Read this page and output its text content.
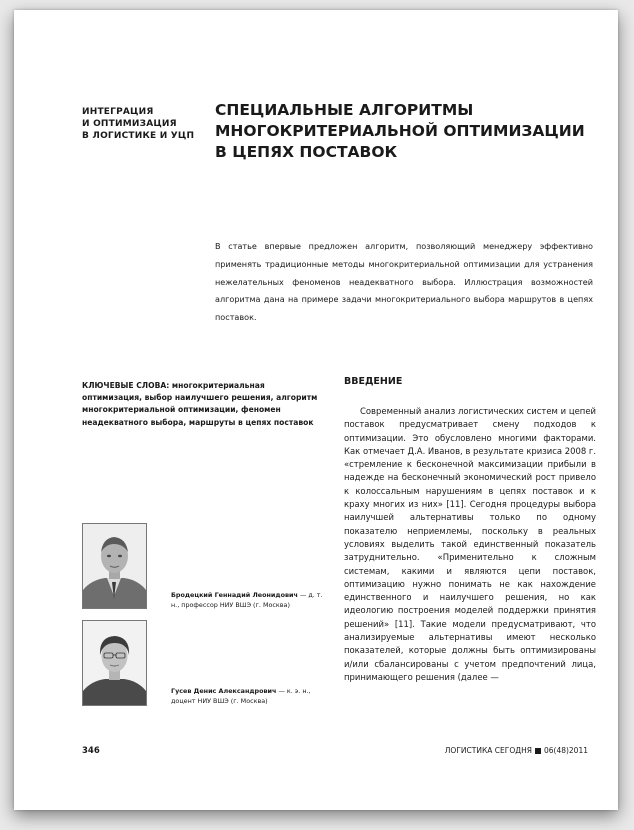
ИНТЕГРАЦИЯ
И ОПТИМИЗАЦИЯ
В ЛОГИСТИКЕ И УЦП

СПЕЦИАЛЬНЫЕ АЛГОРИТМЫ
МНОГОКРИТЕРИАЛЬНОЙ ОПТИМИЗАЦИИ
В ЦЕПЯХ ПОСТАВОК

В статье впервые предложен алгоритм, позволяющий менеджеру эффективно применять традиционные методы многокритериальной оптимизации для устранения нежелательных феноменов неадекватного выбора. Иллюстрация возможностей алгоритма дана на примере задачи многокритериального выбора маршрутов в цепях поставок.

КЛЮЧЕВЫЕ СЛОВА: многокритериальная оптимизация, выбор наилучшего решения, алгоритм многокритериальной оптимизации, феномен неадекватного выбора, маршруты в цепях поставок

ВВЕДЕНИЕ

Современный анализ логистических систем и цепей поставок предусматривает смену подходов к оптимизации. Это обусловлено многими факторами. Как отмечает Д.А. Иванов, в результате кризиса 2008 г. «стремление к бесконечной максимизации прибыли в надежде на бесконечный экономический рост привело к колоссальным нарушениям в цепях поставок и к краху многих из них» [11]. Сегодня процедуры выбора наилучшей альтернативы только по одному показателю неприемлемы, поскольку в реальных условиях выделить такой единственный показатель затруднительно. «Применительно к сложным системам, какими и являются цепи поставок, оптимизацию нужно понимать не как нахождение единственного и наилучшего решения, но как идеологию построения моделей поддержки принятия решений» [11]. Такие модели предусматривают, что анализируемые альтернативы имеют несколько показателей, которые должны быть оптимизированы и/или сбалансированы с учетом предпочтений лица, принимающего решения (далее —

Бродецкий Геннадий Леонидович — д. т. н., профессор НИУ ВШЭ (г. Москва)

Гусев Денис Александрович — к. э. н., доцент НИУ ВШЭ (г. Москва)

346	ЛОГИСТИКА СЕГОДНЯ 06(48)2011
